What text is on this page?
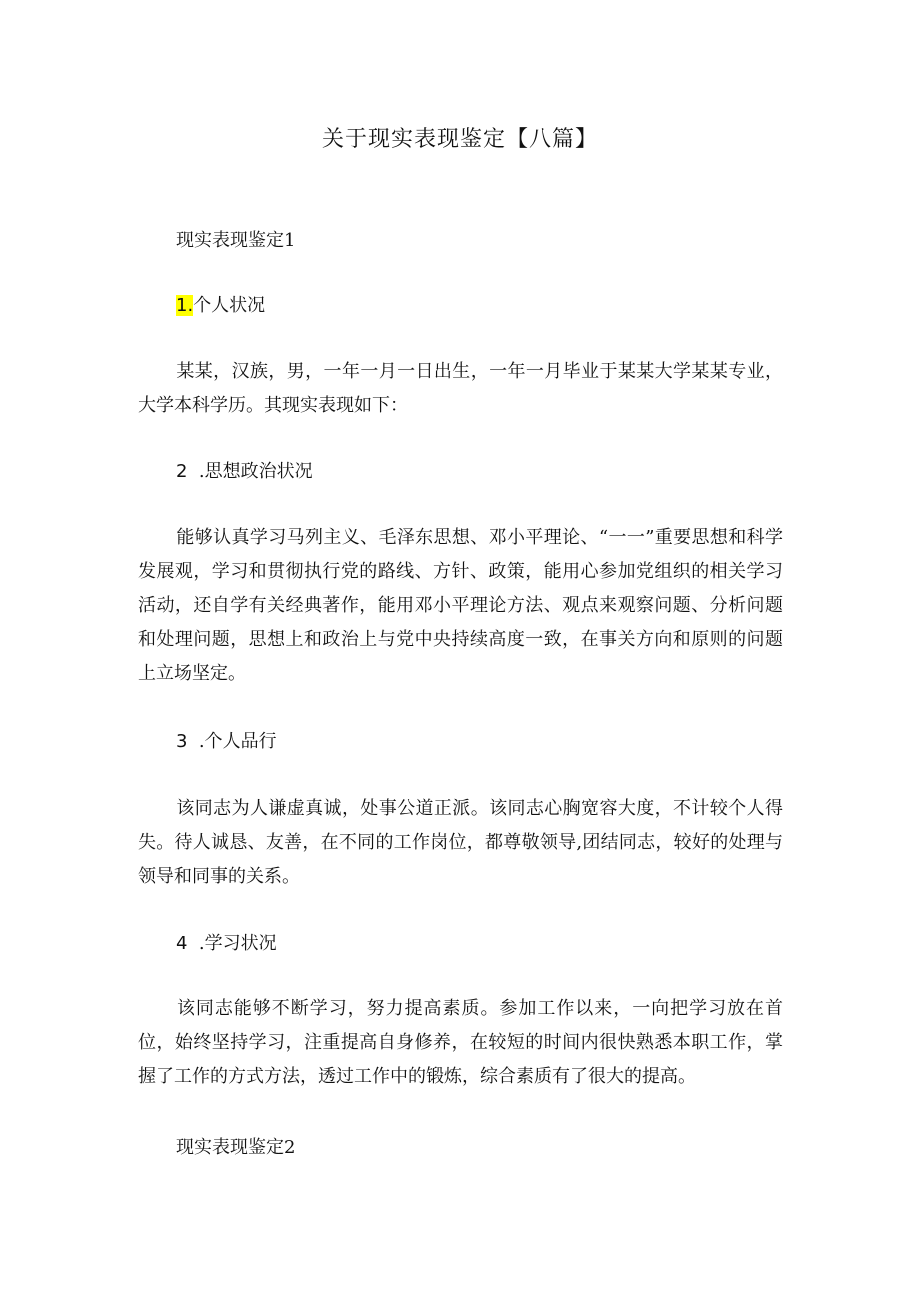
关于现实表现鉴定【八篇】

现实表现鉴定1

1.个人状况

某某，汉族，男，一年一月一日出生，一年一月毕业于某某大学某某专业，大学本科学历。其现实表现如下：

2 .思想政治状况

能够认真学习马列主义、毛泽东思想、邓小平理论、“一一”重要思想和科学发展观，学习和贯彻执行党的路线、方针、政策，能用心参加党组织的相关学习活动，还自学有关经典著作，能用邓小平理论方法、观点来观察问题、分析问题和处理问题，思想上和政治上与党中央持续高度一致，在事关方向和原则的问题上立场坚定。

3 .个人品行

该同志为人谦虚真诚，处事公道正派。该同志心胸宽容大度，不计较个人得失。待人诚恳、友善，在不同的工作岗位，都尊敬领导,团结同志，较好的处理与领导和同事的关系。

4 .学习状况

该同志能够不断学习，努力提高素质。参加工作以来，一向把学习放在首位，始终坚持学习，注重提高自身修养，在较短的时间内很快熟悉本职工作，掌握了工作的方式方法，透过工作中的锻炼，综合素质有了很大的提高。

现实表现鉴定2
